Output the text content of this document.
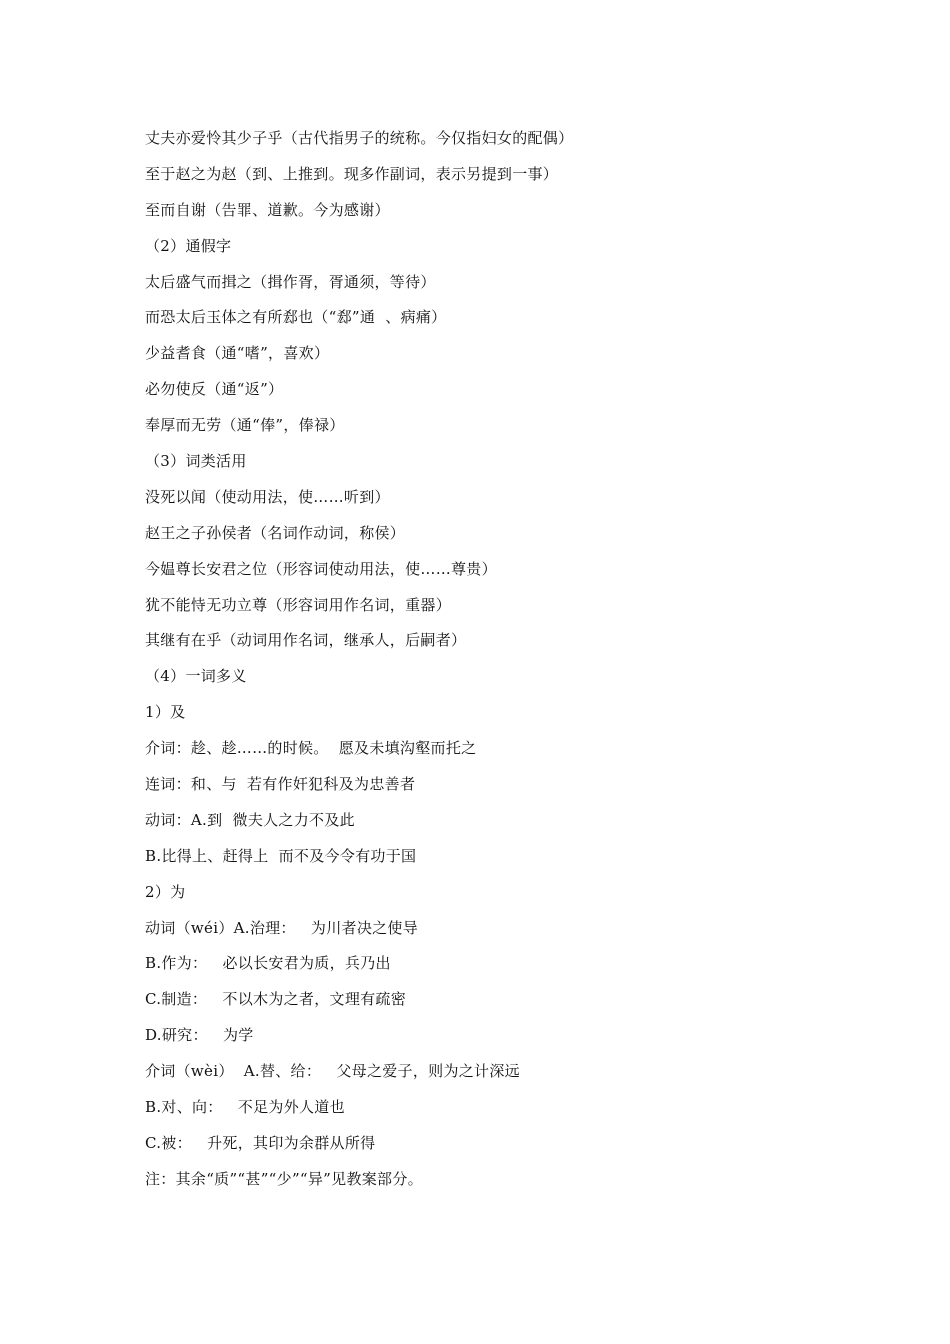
丈夫亦爱怜其少子乎（古代指男子的统称。今仅指妇女的配偶）
至于赵之为赵（到、上推到。现多作副词，表示另提到一事）
至而自谢（告罪、道歉。今为感谢）
（2）通假字
太后盛气而揖之（揖作胥，胥通须，等待）
而恐太后玉体之有所郄也（“郄”通  、病痛）
少益耆食（通“嗜”，喜欢）
必勿使反（通“返”）
奉厚而无劳（通“俸”，俸禄）
（3）词类活用
没死以闻（使动用法，使……听到）
赵王之子孙侯者（名词作动词，称侯）
今媪尊长安君之位（形容词使动用法，使……尊贵）
犹不能恃无功立尊（形容词用作名词，重器）
其继有在乎（动词用作名词，继承人，后嗣者）
（4）一词多义
1）及
介词：趁、趁……的时候。  愿及未填沟壑而托之
连词：和、与  若有作奸犯科及为忠善者
动词：A.到  微夫人之力不及此
B.比得上、赶得上  而不及今令有功于国
2）为
动词（wéi）A.治理：   为川者决之使导
B.作为：   必以长安君为质，兵乃出
C.制造：   不以木为之者，文理有疏密
D.研究：   为学
介词（wèi）  A.替、给：   父母之爱子，则为之计深远
B.对、向：   不足为外人道也
C.被：   升死，其印为余群从所得
注：其余“质”“甚”“少”“异”见教案部分。
